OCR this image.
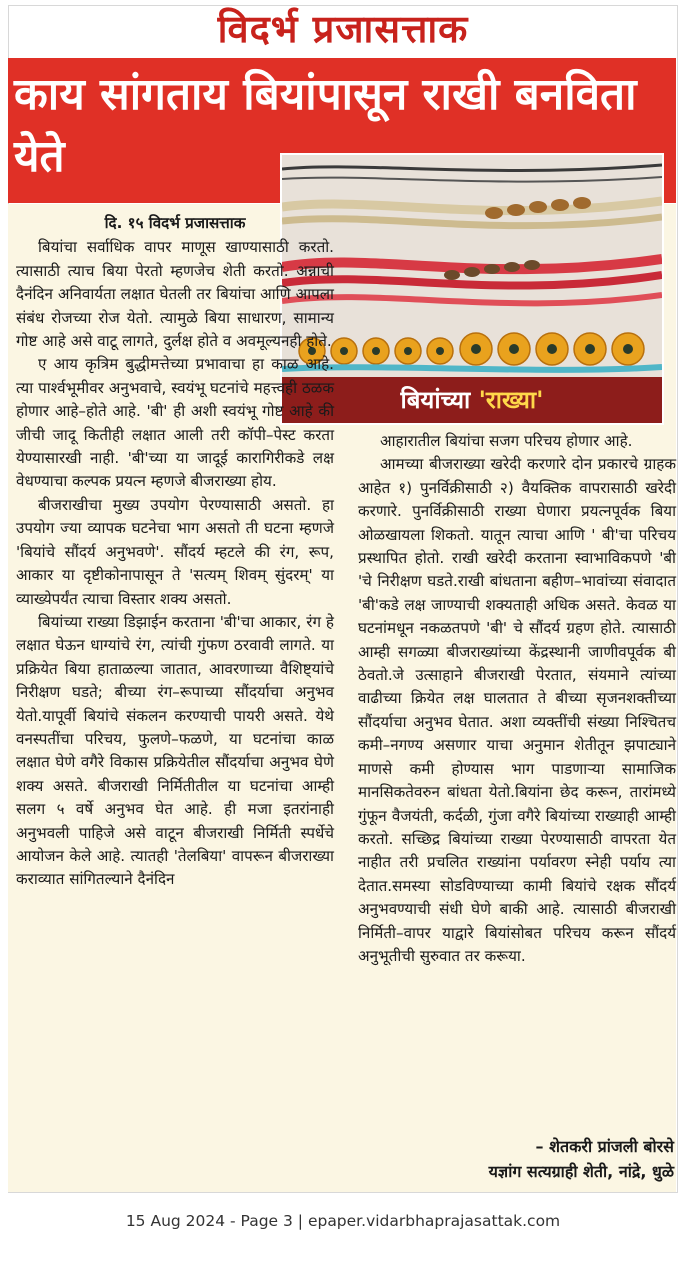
विदर्भ प्रजासत्ताक
काय सांगताय बियांपासून राखी बनविता येते
बियांच्या 'राख्या'

दि. १५ विदर्भ प्रजासत्ताक

बियांचा सर्वाधिक वापर माणूस खाण्यासाठी करतो. त्यासाठी त्याच बिया पेरतो म्हणजेच शेती करतो. अन्नाची दैनंदिन अनिवार्यता लक्षात घेतली तर बियांचा आणि आपला संबंध रोजच्या रोज येतो. त्यामुळे बिया साधारण, सामान्य गोष्ट आहे असे वाटू लागते, दुर्लक्ष होते व अवमूल्यनही होते.

ए आय कृत्रिम बुद्धीमत्तेच्या प्रभावाचा हा काळ आहे. त्या पार्श्वभूमीवर अनुभवाचे, स्वयंभू घटनांचे महत्त्वही ठळक होणार आहे–होते आहे. 'बी' ही अशी स्वयंभू गोष्ट आहे की जीची जादू कितीही लक्षात आली तरी कॉपी–पेस्ट करता येण्यासारखी नाही. 'बी'च्या या जादूई कारागिरीकडे लक्ष वेधण्याचा कल्पक प्रयत्न म्हणजे बीजराख्या होय.

बीजराखीचा मुख्य उपयोग पेरण्यासाठी असतो. हा उपयोग ज्या व्यापक घटनेचा भाग असतो ती घटना म्हणजे 'बियांचे सौंदर्य अनुभवणे'. सौंदर्य म्हटले की रंग, रूप, आकार या दृष्टीकोनापासून ते 'सत्यम् शिवम् सुंदरम्' या व्याख्येपर्यंत त्याचा विस्तार शक्य असतो.

बियांच्या राख्या डिझाईन करताना 'बी'चा आकार, रंग हे लक्षात घेऊन धाग्यांचे रंग, त्यांची गुंफण ठरवावी लागते. या प्रक्रियेत बिया हाताळल्या जातात, आवरणाच्या वैशिष्ट्यांचे निरीक्षण घडते; बीच्या रंग–रूपाच्या सौंदर्याचा अनुभव येतो.यापूर्वी बियांचे संकलन करण्याची पायरी असते. येथे वनस्पतींचा परिचय, फुलणे–फळणे, या घटनांचा काळ लक्षात घेणे वगैरे विकास प्रक्रियेतील सौंदर्याचा अनुभव घेणे शक्य असते. बीजराखी निर्मितीतील या घटनांचा आम्ही सलग ५ वर्षे अनुभव घेत आहे. ही मजा इतरांनाही अनुभवली पाहिजे असे वाटून बीजराखी निर्मिती स्पर्धेचे आयोजन केले आहे. त्यातही 'तेलबिया' वापरून बीजराख्या कराव्यात सांगितल्याने दैनंदिन

आहारातील बियांचा सजग परिचय होणार आहे.

आमच्या बीजराख्या खरेदी करणारे दोन प्रकारचे ग्राहक आहेत १) पुनर्विक्रीसाठी २) वैयक्तिक वापरासाठी खरेदी करणारे. पुनर्विक्रीसाठी राख्या घेणारा प्रयत्नपूर्वक बिया ओळखायला शिकतो. यातून त्याचा आणि ' बी'चा परिचय प्रस्थापित होतो. राखी खरेदी करताना स्वाभाविकपणे 'बी 'चे निरीक्षण घडते.राखी बांधताना बहीण–भावांच्या संवादात 'बी'कडे लक्ष जाण्याची शक्यताही अधिक असते. केवळ या घटनांमधून नकळतपणे 'बी' चे सौंदर्य ग्रहण होते. त्यासाठी आम्ही सगळ्या बीजराख्यांच्या केंद्रस्थानी जाणीवपूर्वक बी ठेवतो.जे उत्साहाने बीजराखी पेरतात, संयमाने त्यांच्या वाढीच्या क्रियेत लक्ष घालतात ते बीच्या सृजनशक्तीच्या सौंदर्याचा अनुभव घेतात. अशा व्यक्तींची संख्या निश्चितच कमी–नगण्य असणार याचा अनुमान शेतीतून झपाट्याने माणसे कमी होण्यास भाग पाडणाऱ्या सामाजिक मानसिकतेवरुन बांधता येतो.बियांना छेद करून, तारांमध्ये गुंफून वैजयंती, कर्दळी, गुंजा वगैरे बियांच्या राख्याही आम्ही करतो. सच्छिद्र बियांच्या राख्या पेरण्यासाठी वापरता येत नाहीत तरी प्रचलित राख्यांना पर्यावरण स्नेही पर्याय त्या देतात.समस्या सोडविण्याच्या कामी बियांचे रक्षक सौंदर्य अनुभवण्याची संधी घेणे बाकी आहे. त्यासाठी बीजराखी निर्मिती–वापर याद्वारे बियांसोबत परिचय करून सौंदर्य अनुभूतीची सुरुवात तर करूया.

– शेतकरी प्रांजली बोरसे
यज्ञांग सत्यग्राही शेती, नांद्रे, धुळे
15 Aug 2024 - Page 3 | epaper.vidarbhaprajasattak.com
